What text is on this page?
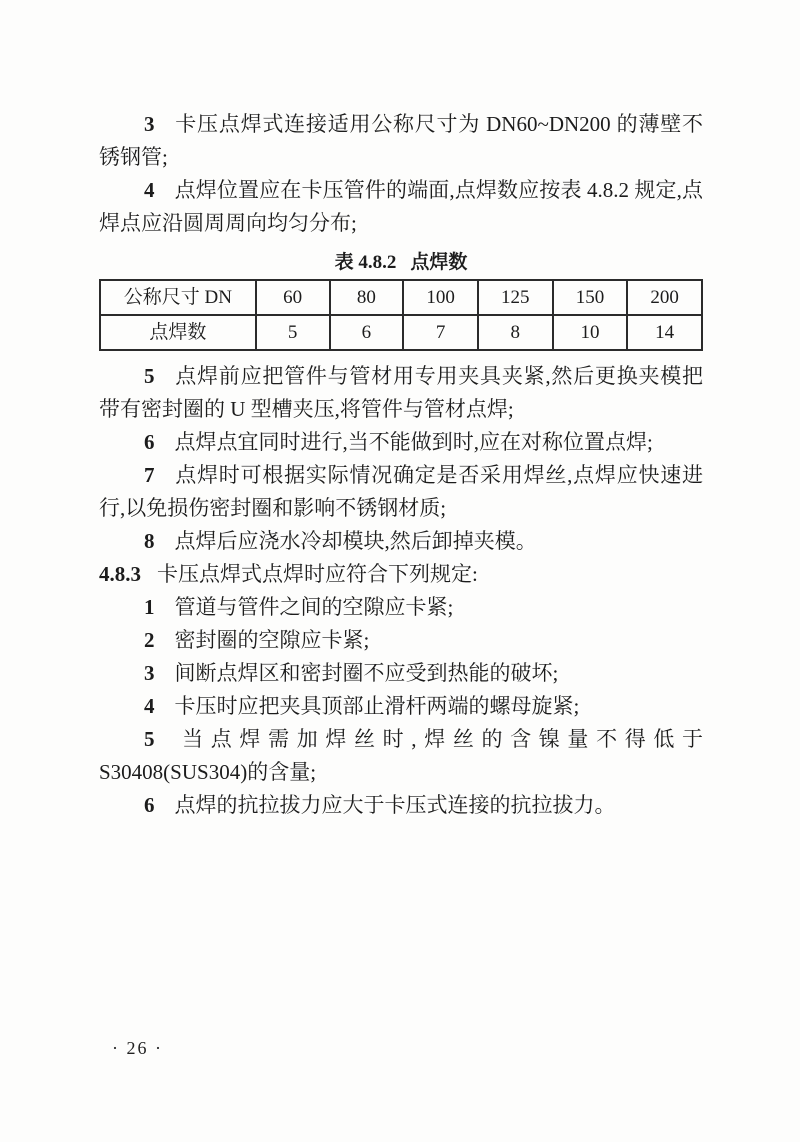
3 卡压点焊式连接适用公称尺寸为 DN60~DN200 的薄壁不锈钢管;

4 点焊位置应在卡压管件的端面,点焊数应按表 4.8.2 规定,点焊点应沿圆周周向均匀分布;

表 4.8.2 点焊数

公称尺寸 DN	60	80	100	125	150	200
点焊数	5	6	7	8	10	14

5 点焊前应把管件与管材用专用夹具夹紧,然后更换夹模把带有密封圈的 U 型槽夹压,将管件与管材点焊;

6 点焊点宜同时进行,当不能做到时,应在对称位置点焊;

7 点焊时可根据实际情况确定是否采用焊丝,点焊应快速进行,以免损伤密封圈和影响不锈钢材质;

8 点焊后应浇水冷却模块,然后卸掉夹模。

4.8.3 卡压点焊式点焊时应符合下列规定:

1 管道与管件之间的空隙应卡紧;

2 密封圈的空隙应卡紧;

3 间断点焊区和密封圈不应受到热能的破坏;

4 卡压时应把夹具顶部止滑杆两端的螺母旋紧;

5 当点焊需加焊丝时,焊丝的含镍量不得低于 S30408(SUS304)的含量;

6 点焊的抗拉拔力应大于卡压式连接的抗拉拔力。

· 26 ·
